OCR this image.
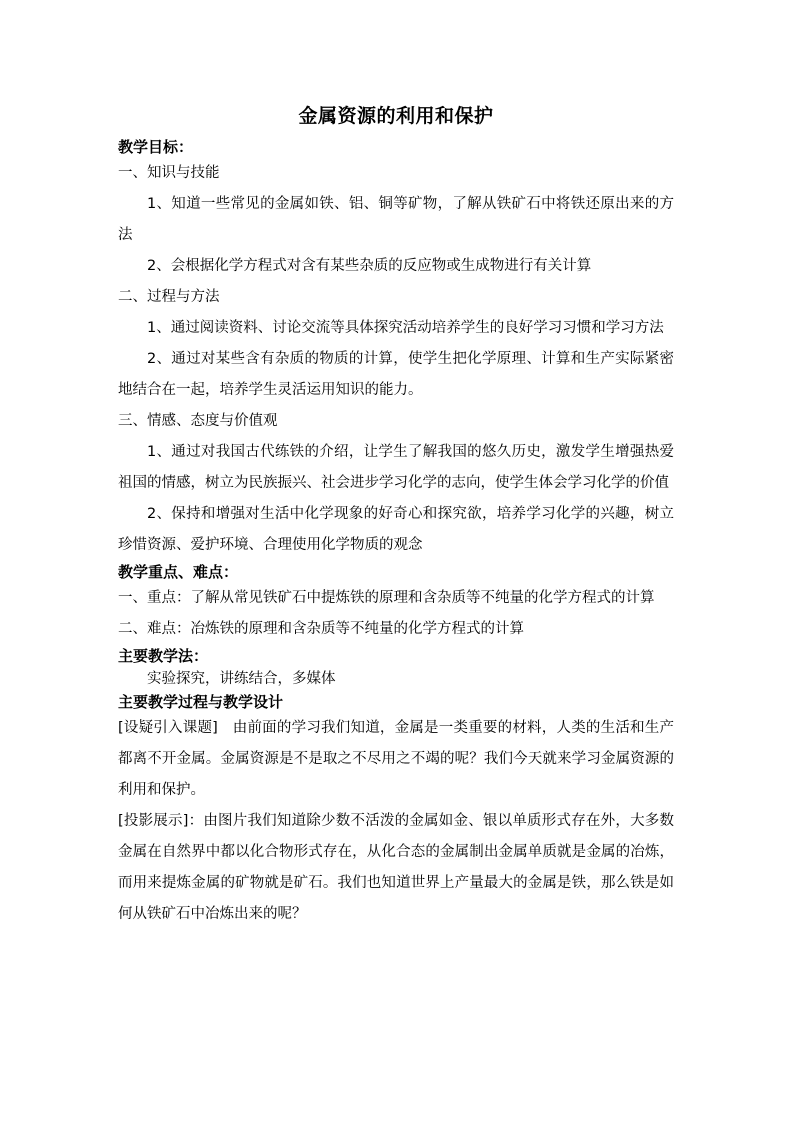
金属资源的利用和保护

教学目标：

一、知识与技能

1、知道一些常见的金属如铁、铝、铜等矿物，了解从铁矿石中将铁还原出来的方法

2、会根据化学方程式对含有某些杂质的反应物或生成物进行有关计算

二、过程与方法

1、通过阅读资料、讨论交流等具体探究活动培养学生的良好学习习惯和学习方法

2、通过对某些含有杂质的物质的计算，使学生把化学原理、计算和生产实际紧密地结合在一起，培养学生灵活运用知识的能力。

三、情感、态度与价值观

1、通过对我国古代练铁的介绍，让学生了解我国的悠久历史，激发学生增强热爱祖国的情感，树立为民族振兴、社会进步学习化学的志向，使学生体会学习化学的价值

2、保持和增强对生活中化学现象的好奇心和探究欲，培养学习化学的兴趣，树立珍惜资源、爱护环境、合理使用化学物质的观念

教学重点、难点：

一、重点：了解从常见铁矿石中提炼铁的原理和含杂质等不纯量的化学方程式的计算

二、难点：冶炼铁的原理和含杂质等不纯量的化学方程式的计算

主要教学法：

实验探究，讲练结合，多媒体

主要教学过程与教学设计

[设疑引入课题]　由前面的学习我们知道，金属是一类重要的材料，人类的生活和生产都离不开金属。金属资源是不是取之不尽用之不竭的呢？我们今天就来学习金属资源的利用和保护。

[投影展示]：由图片我们知道除少数不活泼的金属如金、银以单质形式存在外，大多数金属在自然界中都以化合物形式存在，从化合态的金属制出金属单质就是金属的冶炼，而用来提炼金属的矿物就是矿石。我们也知道世界上产量最大的金属是铁，那么铁是如何从铁矿石中冶炼出来的呢？
